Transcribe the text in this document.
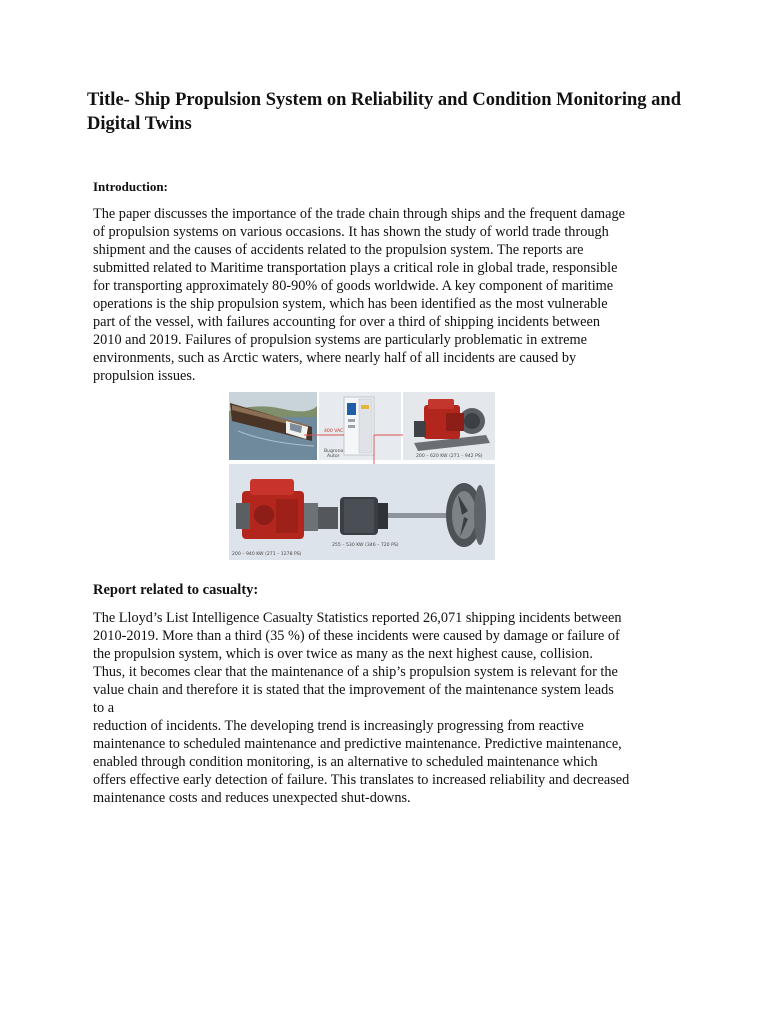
Title- Ship Propulsion System on Reliability and Condition Monitoring and Digital Twins
Introduction:

The paper discusses the importance of the trade chain through ships and the frequent damage
of propulsion systems on various occasions. It has shown the study of world trade through
shipment and the causes of accidents related to the propulsion system. The reports are
submitted related to Maritime transportation plays a critical role in global trade, responsible
for transporting approximately 80-90% of goods worldwide. A key component of maritime
operations is the ship propulsion system, which has been identified as the most vulnerable
part of the vessel, with failures accounting for over a third of shipping incidents between
2010 and 2019. Failures of propulsion systems are particularly problematic in extreme
environments, such as Arctic waters, where nearly half of all incidents are caused by
propulsion issues.

400 VAC
Bugrono
Autor	200 – 620 KW (271 – 942 PS)
200 – 940 KW (271 – 1278 PS)
255 – 530 KW (346 – 720 PS)
Report related to casualty:

The Lloyd’s List Intelligence Casualty Statistics reported 26,071 shipping incidents between
2010-2019. More than a third (35 %) of these incidents were caused by damage or failure of
the propulsion system, which is over twice as many as the next highest cause, collision.
Thus, it becomes clear that the maintenance of a ship’s propulsion system is relevant for the
value chain and therefore it is stated that the improvement of the maintenance system leads
to a
reduction of incidents. The developing trend is increasingly progressing from reactive
maintenance to scheduled maintenance and predictive maintenance. Predictive maintenance,
enabled through condition monitoring, is an alternative to scheduled maintenance which
offers effective early detection of failure. This translates to increased reliability and decreased
maintenance costs and reduces unexpected shut-downs.
